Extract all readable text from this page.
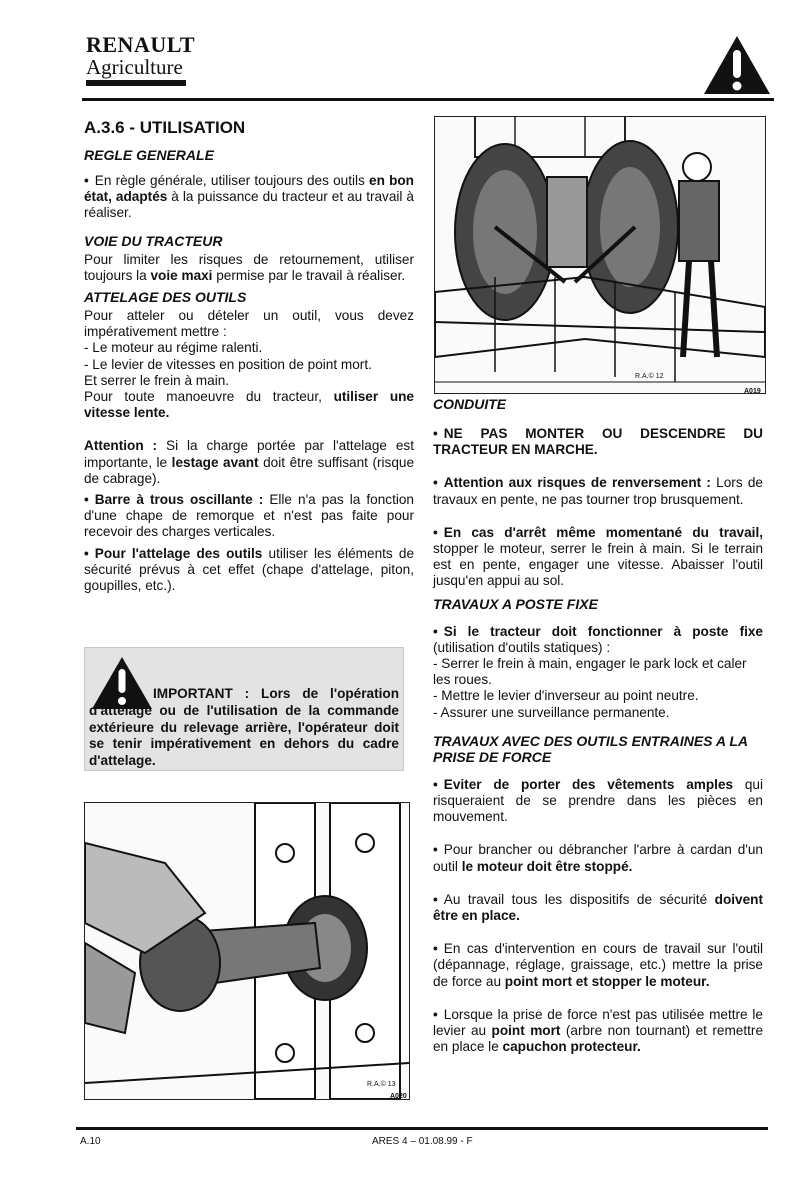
RENAULT
Agriculture
A.3.6 - UTILISATION
REGLE GENERALE

• En règle générale, utiliser toujours des outils en bon état, adaptés à la puissance du tracteur et au travail à réaliser.

VOIE DU TRACTEUR

Pour limiter les risques de retournement, utiliser toujours la voie maxi permise par le travail à réaliser.

ATTELAGE DES OUTILS

Pour atteler ou dételer un outil, vous devez impérativement mettre :

- Le moteur au régime ralenti.
- Le levier de vitesses en position de point mort.
Et serrer le frein à main.

Pour toute manoeuvre du tracteur, utiliser une vitesse lente.

Attention : Si la charge portée par l'attelage est importante, le lestage avant doit être suffisant (risque de cabrage).

• Barre à trous oscillante : Elle n'a pas la fonction d'une chape de remorque et n'est pas faite pour recevoir des charges verticales.

• Pour l'attelage des outils utiliser les éléments de sécurité prévus à cet effet (chape d'attelage, piton, goupilles, etc.).

IMPORTANT : Lors de l'opération d'attelage ou de l'utilisation de la commande extérieure du relevage arrière, l'opérateur doit se tenir impérativement en dehors du cadre d'attelage.
R.A.© 12
A019
R.A.© 13
A020
CONDUITE

• NE PAS MONTER OU DESCENDRE DU TRACTEUR EN MARCHE.

• Attention aux risques de renversement : Lors de travaux en pente, ne pas tourner trop brusquement.

• En cas d'arrêt même momentané du travail, stopper le moteur, serrer le frein à main. Si le terrain est en pente, engager une vitesse. Abaisser l'outil jusqu'en appui au sol.

TRAVAUX A POSTE FIXE

• Si le tracteur doit fonctionner à poste fixe (utilisation d'outils statiques) :

- Serrer le frein à main, engager le park lock et caler les roues.
- Mettre le levier d'inverseur au point neutre.
- Assurer une surveillance permanente.
TRAVAUX AVEC DES OUTILS ENTRAINES A LA PRISE DE FORCE

• Eviter de porter des vêtements amples qui risqueraient de se prendre dans les pièces en mouvement.

• Pour brancher ou débrancher l'arbre à cardan d'un outil le moteur doit être stoppé.

• Au travail tous les dispositifs de sécurité doivent être en place.

• En cas d'intervention en cours de travail sur l'outil (dépannage, réglage, graissage, etc.) mettre la prise de force au point mort et stopper le moteur.

• Lorsque la prise de force n'est pas utilisée mettre le levier au point mort (arbre non tournant) et remettre en place le capuchon protecteur.

A.10	ARES 4 – 01.08.99 - F
